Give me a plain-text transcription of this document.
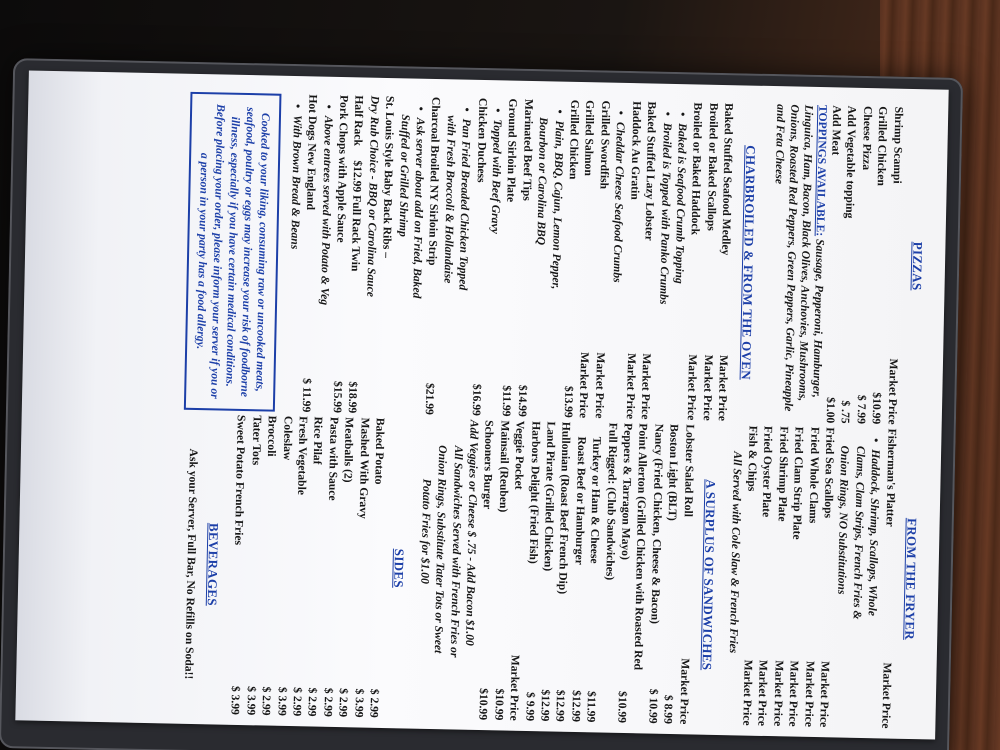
PIZZAS
Shrimp Scampi
Market Price
Grilled Chicken
$10.99
Cheese Pizza
$ 7.99
Add Vegetable topping
$ .75
Add Meat
$1.00
TOPPINGS AVAILABLE: Sausage, Pepperoni, Hamburger, Linguica, Ham, Bacon, Black Olives, Anchovies, Mushrooms, Onions, Roasted Red Peppers, Green Peppers, Garlic, Pineapple and Feta Cheese
CHARBROILED & FROM THE OVEN
Baked Stuffed Seafood Medley
Market Price
Broiled or Baked Scallops
Market Price
Broiled or Baked Haddock
Market Price
• Baked is Seafood Crumb Topping
• Broiled is Topped with Panko Crumbs
Baked Stuffed Lazy Lobster
Market Price
Haddock Au Gratin
Market Price
• Cheddar Cheese Seafood Crumbs
Grilled Swordfish
Market Price
Grilled Salmon
Market Price
Grilled Chicken
$13.99
• Plain, BBQ, Cajun, Lemon Pepper,
Bourbon or Carolina BBQ
Marinated Beef Tips
$14.99
Ground Sirloin Plate
$11.99
• Topped with Beef Gravy
Chicken Duchess
$16.99
• Pan Fried Breaded Chicken Topped
with Fresh Broccoli & Hollandaise
Charcoal Broiled NY Sirloin Strip
$21.99
• Ask server about add on Fried, Baked
Stuffed or Grilled Shrimp
St. Louis Style Baby Back Ribs –
Dry Rub Choice - BBQ or Carolina Sauce
Half Rack     $12.99 Full Rack Twin
$18.99
Pork Chops with Apple Sauce
$15.99
• Above entrees served with Potato & Veg
Hot Dogs New England
$ 11.99
• With Brown Bread & Beans
Cooked to your liking, consuming raw or uncooked meats, seafood, poultry or eggs may increase your risk of foodborne illness, especially if you have certain medical conditions. Before placing your order, please inform your server if you or a person in your party has a food allergy.
FROM THE FRYER
Fisherman's Platter
Market Price
• Haddock, Shrimp, Scallops, Whole
Clams, Clam Strips, French Fries &
Onion Rings, NO Substitutions
Fried Sea Scallops
Market Price
Fried Whole Clams
Market Price
Fried Clam Strip Plate
Market Price
Fried Shrimp Plate
Market Price
Fried Oyster Plate
Market Price
Fish & Chips
Market Price
All Served with Cole Slaw & French Fries
A SURPLUS OF SANDWICHES
Lobster Salad Roll
Market Price
Boston Light (BLT)
$ 8.99
Nancy (Fried Chicken, Cheese & Bacon)
$ 10.99
Point Allerton (Grilled Chicken with Roasted Red
Peppers & Tarragon Mayo)
$10.99
Full Rigged: (Club Sandwiches)
Turkey or Ham & Cheese
$11.99
Roast Beef or Hamburger
$12.99
Hullonian (Roast Beef French Dip)
$12.99
Land Pirate (Grilled Chicken)
$12.99
Harbors Delight (Fried Fish)
$ 9.99
Veggie Pocket
Market Price
Mainsail (Reuben)
$10.99
Schooners Burger
$10.99
Add Veggies or Cheese $ .75 - Add Bacon $1.00
All Sandwiches Served with French Fries or
Onion Rings, Substitute Tater Tots or Sweet
Potato Fries for $1.00
SIDES
Baked Potato
$ 2.99
Mashed With Gravy
$ 3.99
Meatballs (2)
$ 2.99
Pasta with Sauce
$ 2.99
Rice Pilaf
$ 2.99
Fresh Vegetable
$ 2.99
Coleslaw
$ 3.99
Broccoli
$ 2.99
Tater Tots
$ 3.99
Sweet Potato French Fries
$ 3.99
BEVERAGES
Ask your Server, Full Bar, No Refills on Soda!!
